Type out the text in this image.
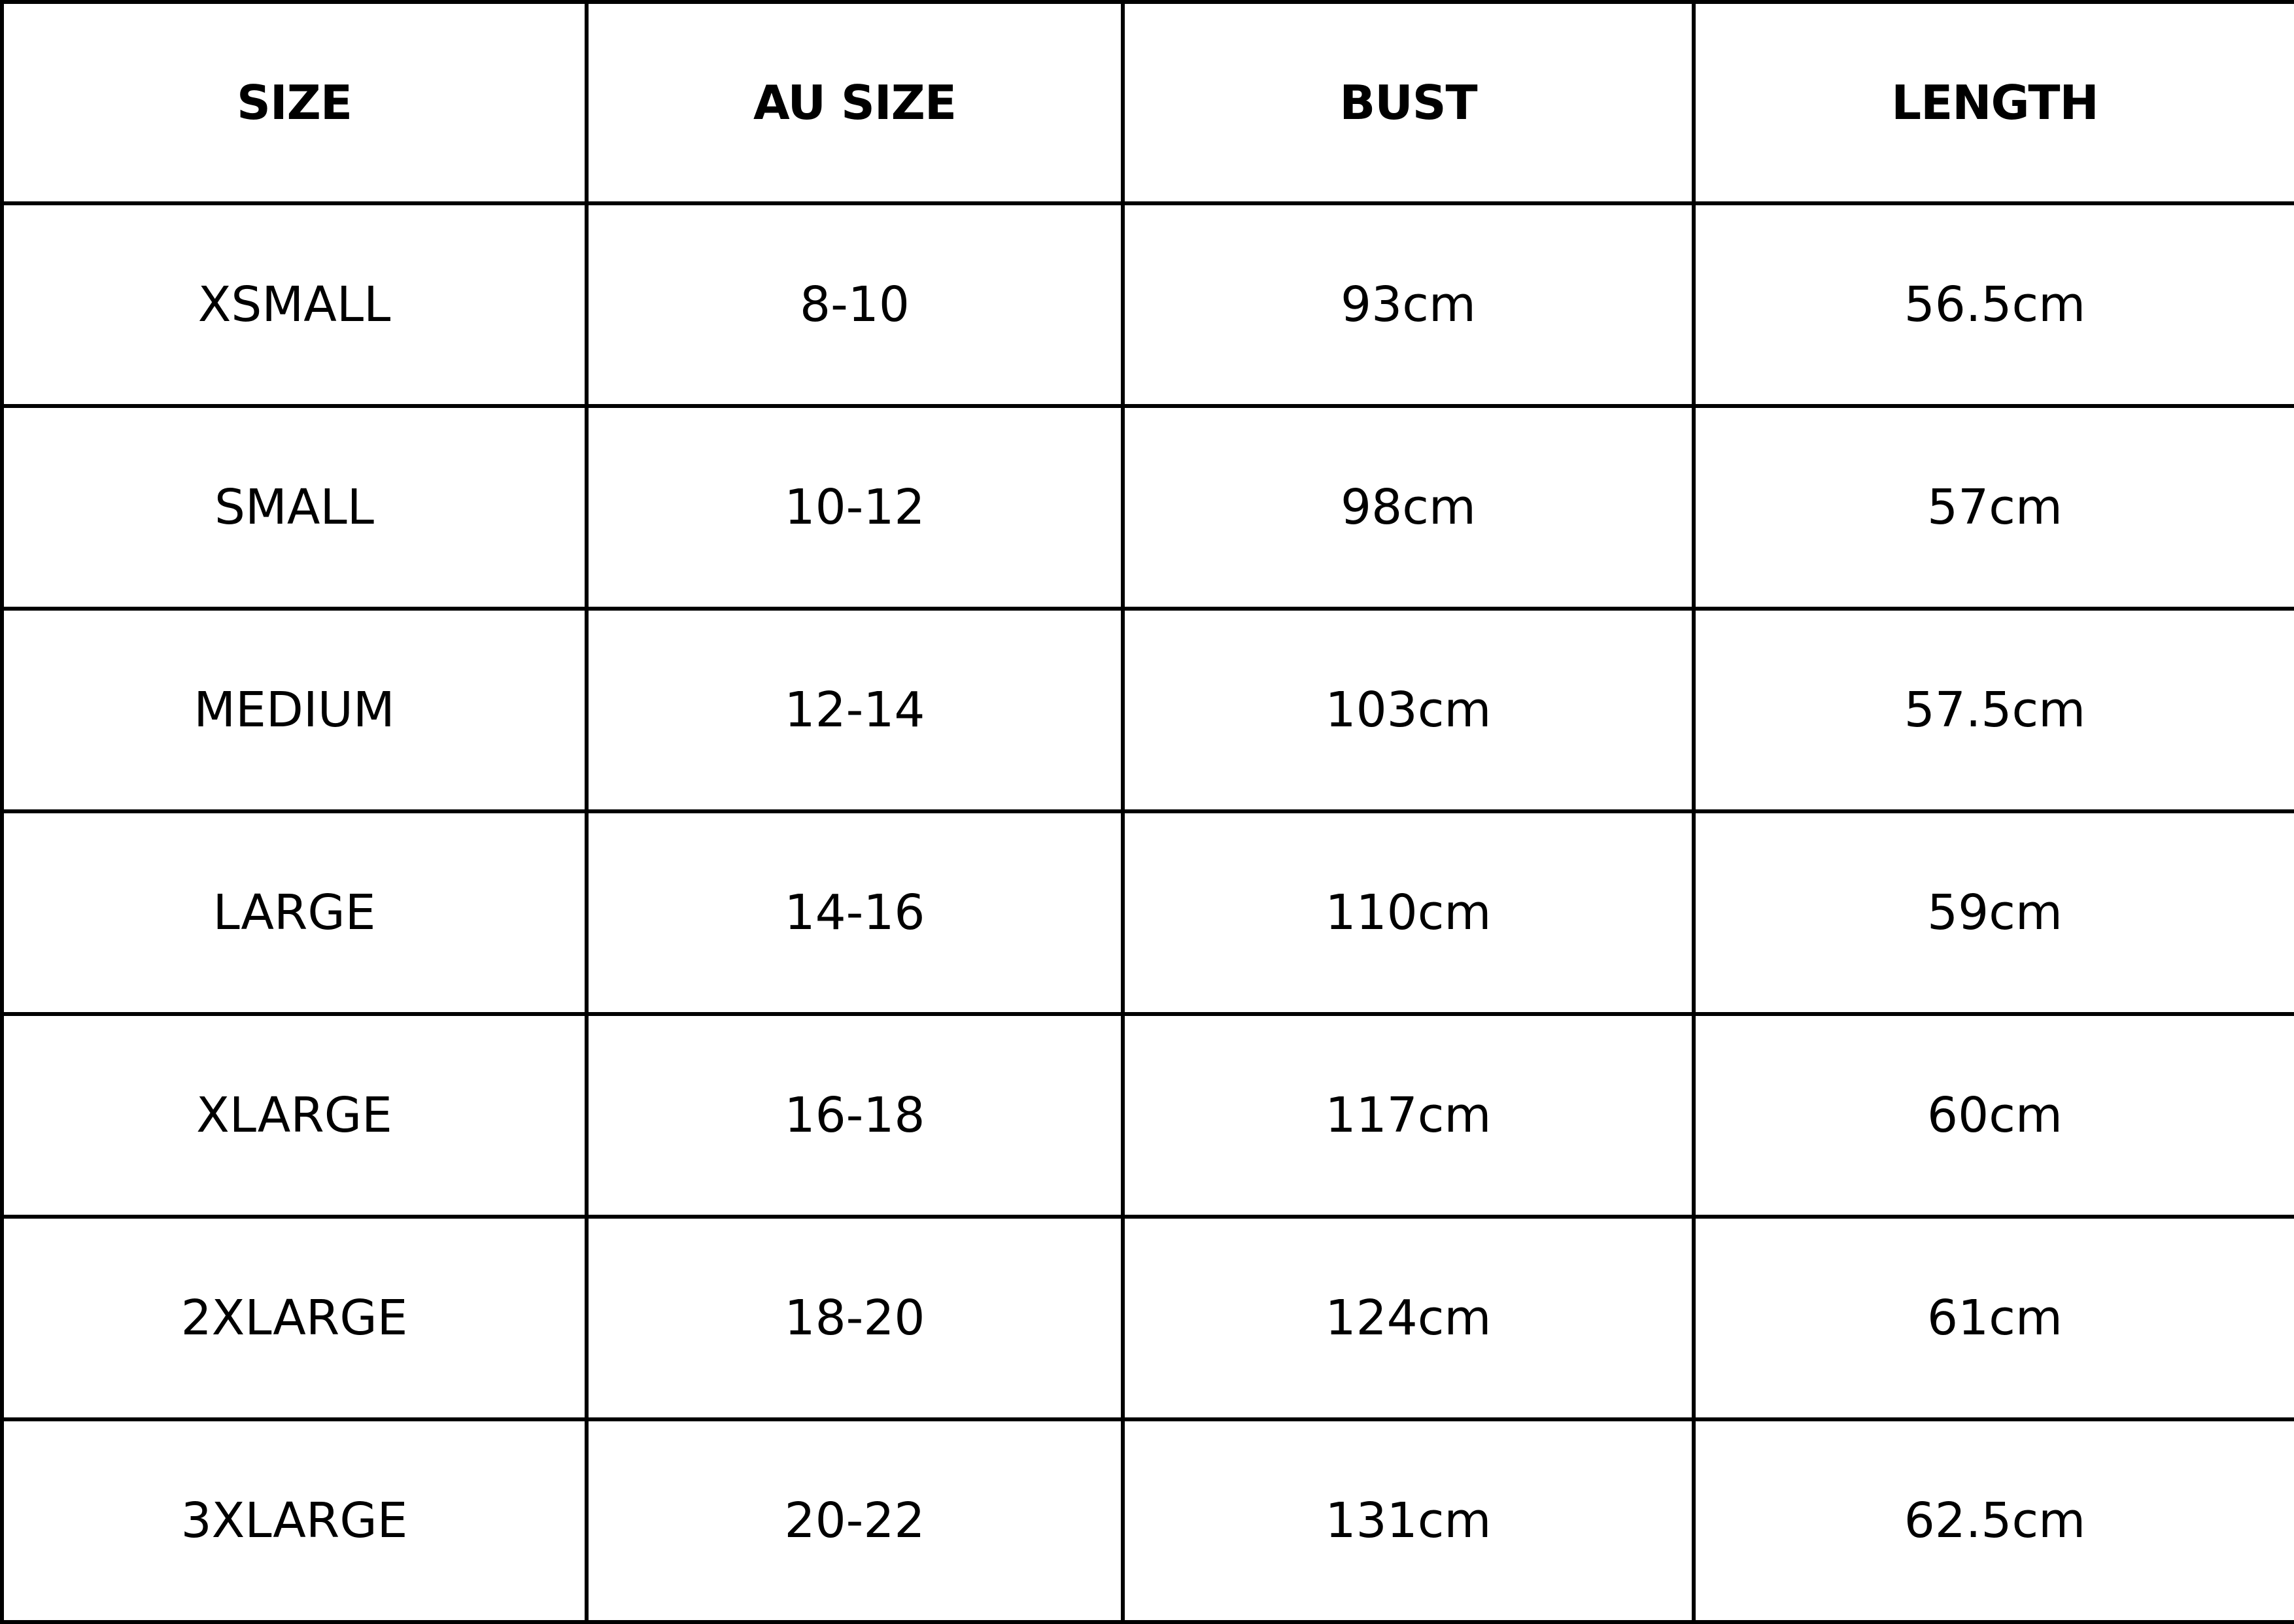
SIZE	AU SIZE	BUST	LENGTH
XSMALL	8-10	93cm	56.5cm
SMALL	10-12	98cm	57cm
MEDIUM	12-14	103cm	57.5cm
LARGE	14-16	110cm	59cm
XLARGE	16-18	117cm	60cm
2XLARGE	18-20	124cm	61cm
3XLARGE	20-22	131cm	62.5cm
